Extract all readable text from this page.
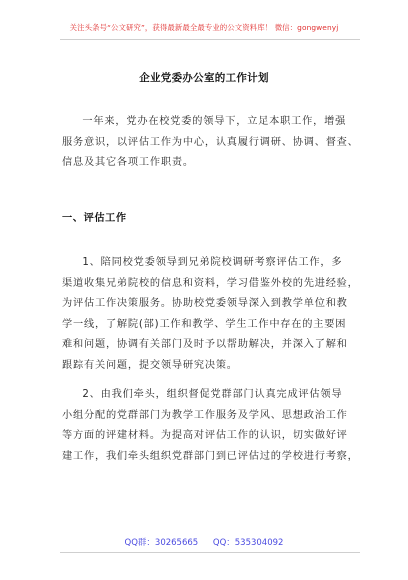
关注头条号“公文研究”，获得最新最全最专业的公文资料库！ 微信：gongwenyj
企业党委办公室的工作计划
一年来，党办在校党委的领导下，立足本职工作，增强
服务意识，以评估工作为中心，认真履行调研、协调、督查、
信息及其它各项工作职责。
一、评估工作
1、陪同校党委领导到兄弟院校调研考察评估工作，多
渠道收集兄弟院校的信息和资料，学习借鉴外校的先进经验，
为评估工作决策服务。协助校党委领导深入到教学单位和教
学一线，了解院(部)工作和教学、学生工作中存在的主要困
难和问题，协调有关部门及时予以帮助解决，并深入了解和
跟踪有关问题，提交领导研究决策。
2、由我们牵头，组织督促党群部门认真完成评估领导
小组分配的党群部门为教学工作服务及学风、思想政治工作
等方面的评建材料。为提高对评估工作的认识，切实做好评
建工作，我们牵头组织党群部门到已评估过的学校进行考察，
QQ群：30265665 QQ：535304092
